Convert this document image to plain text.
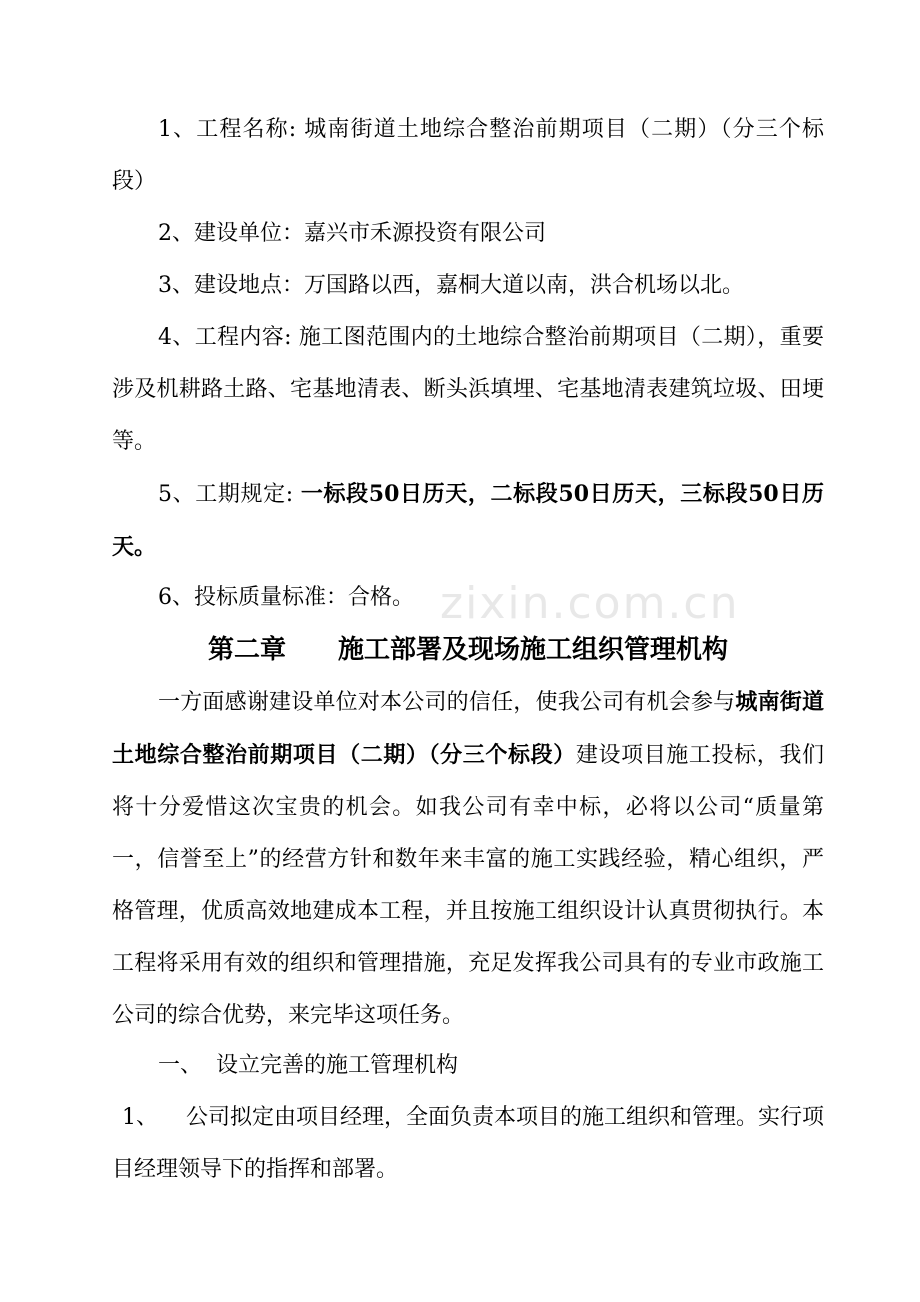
zixin.com.cn

1、工程名称: 城南街道土地综合整治前期项目（二期）（分三个标段）

2、建设单位：嘉兴市禾源投资有限公司

3、建设地点：万国路以西，嘉桐大道以南，洪合机场以北。

4、工程内容: 施工图范围内的土地综合整治前期项目（二期），重要涉及机耕路土路、宅基地清表、断头浜填埋、宅基地清表建筑垃圾、田埂等。

5、工期规定: 一标段50日历天，二标段50日历天，三标段50日历天。

6、投标质量标准：合格。

第二章 施工部署及现场施工组织管理机构

一方面感谢建设单位对本公司的信任，使我公司有机会参与城南街道土地综合整治前期项目（二期）（分三个标段）建设项目施工投标，我们将十分爱惜这次宝贵的机会。如我公司有幸中标，必将以公司“质量第一，信誉至上”的经营方针和数年来丰富的施工实践经验，精心组织，严格管理，优质高效地建成本工程，并且按施工组织设计认真贯彻执行。本工程将采用有效的组织和管理措施，充足发挥我公司具有的专业市政施工公司的综合优势，来完毕这项任务。

一、 设立完善的施工管理机构

1、 公司拟定由项目经理，全面负责本项目的施工组织和管理。实行项目经理领导下的指挥和部署。
